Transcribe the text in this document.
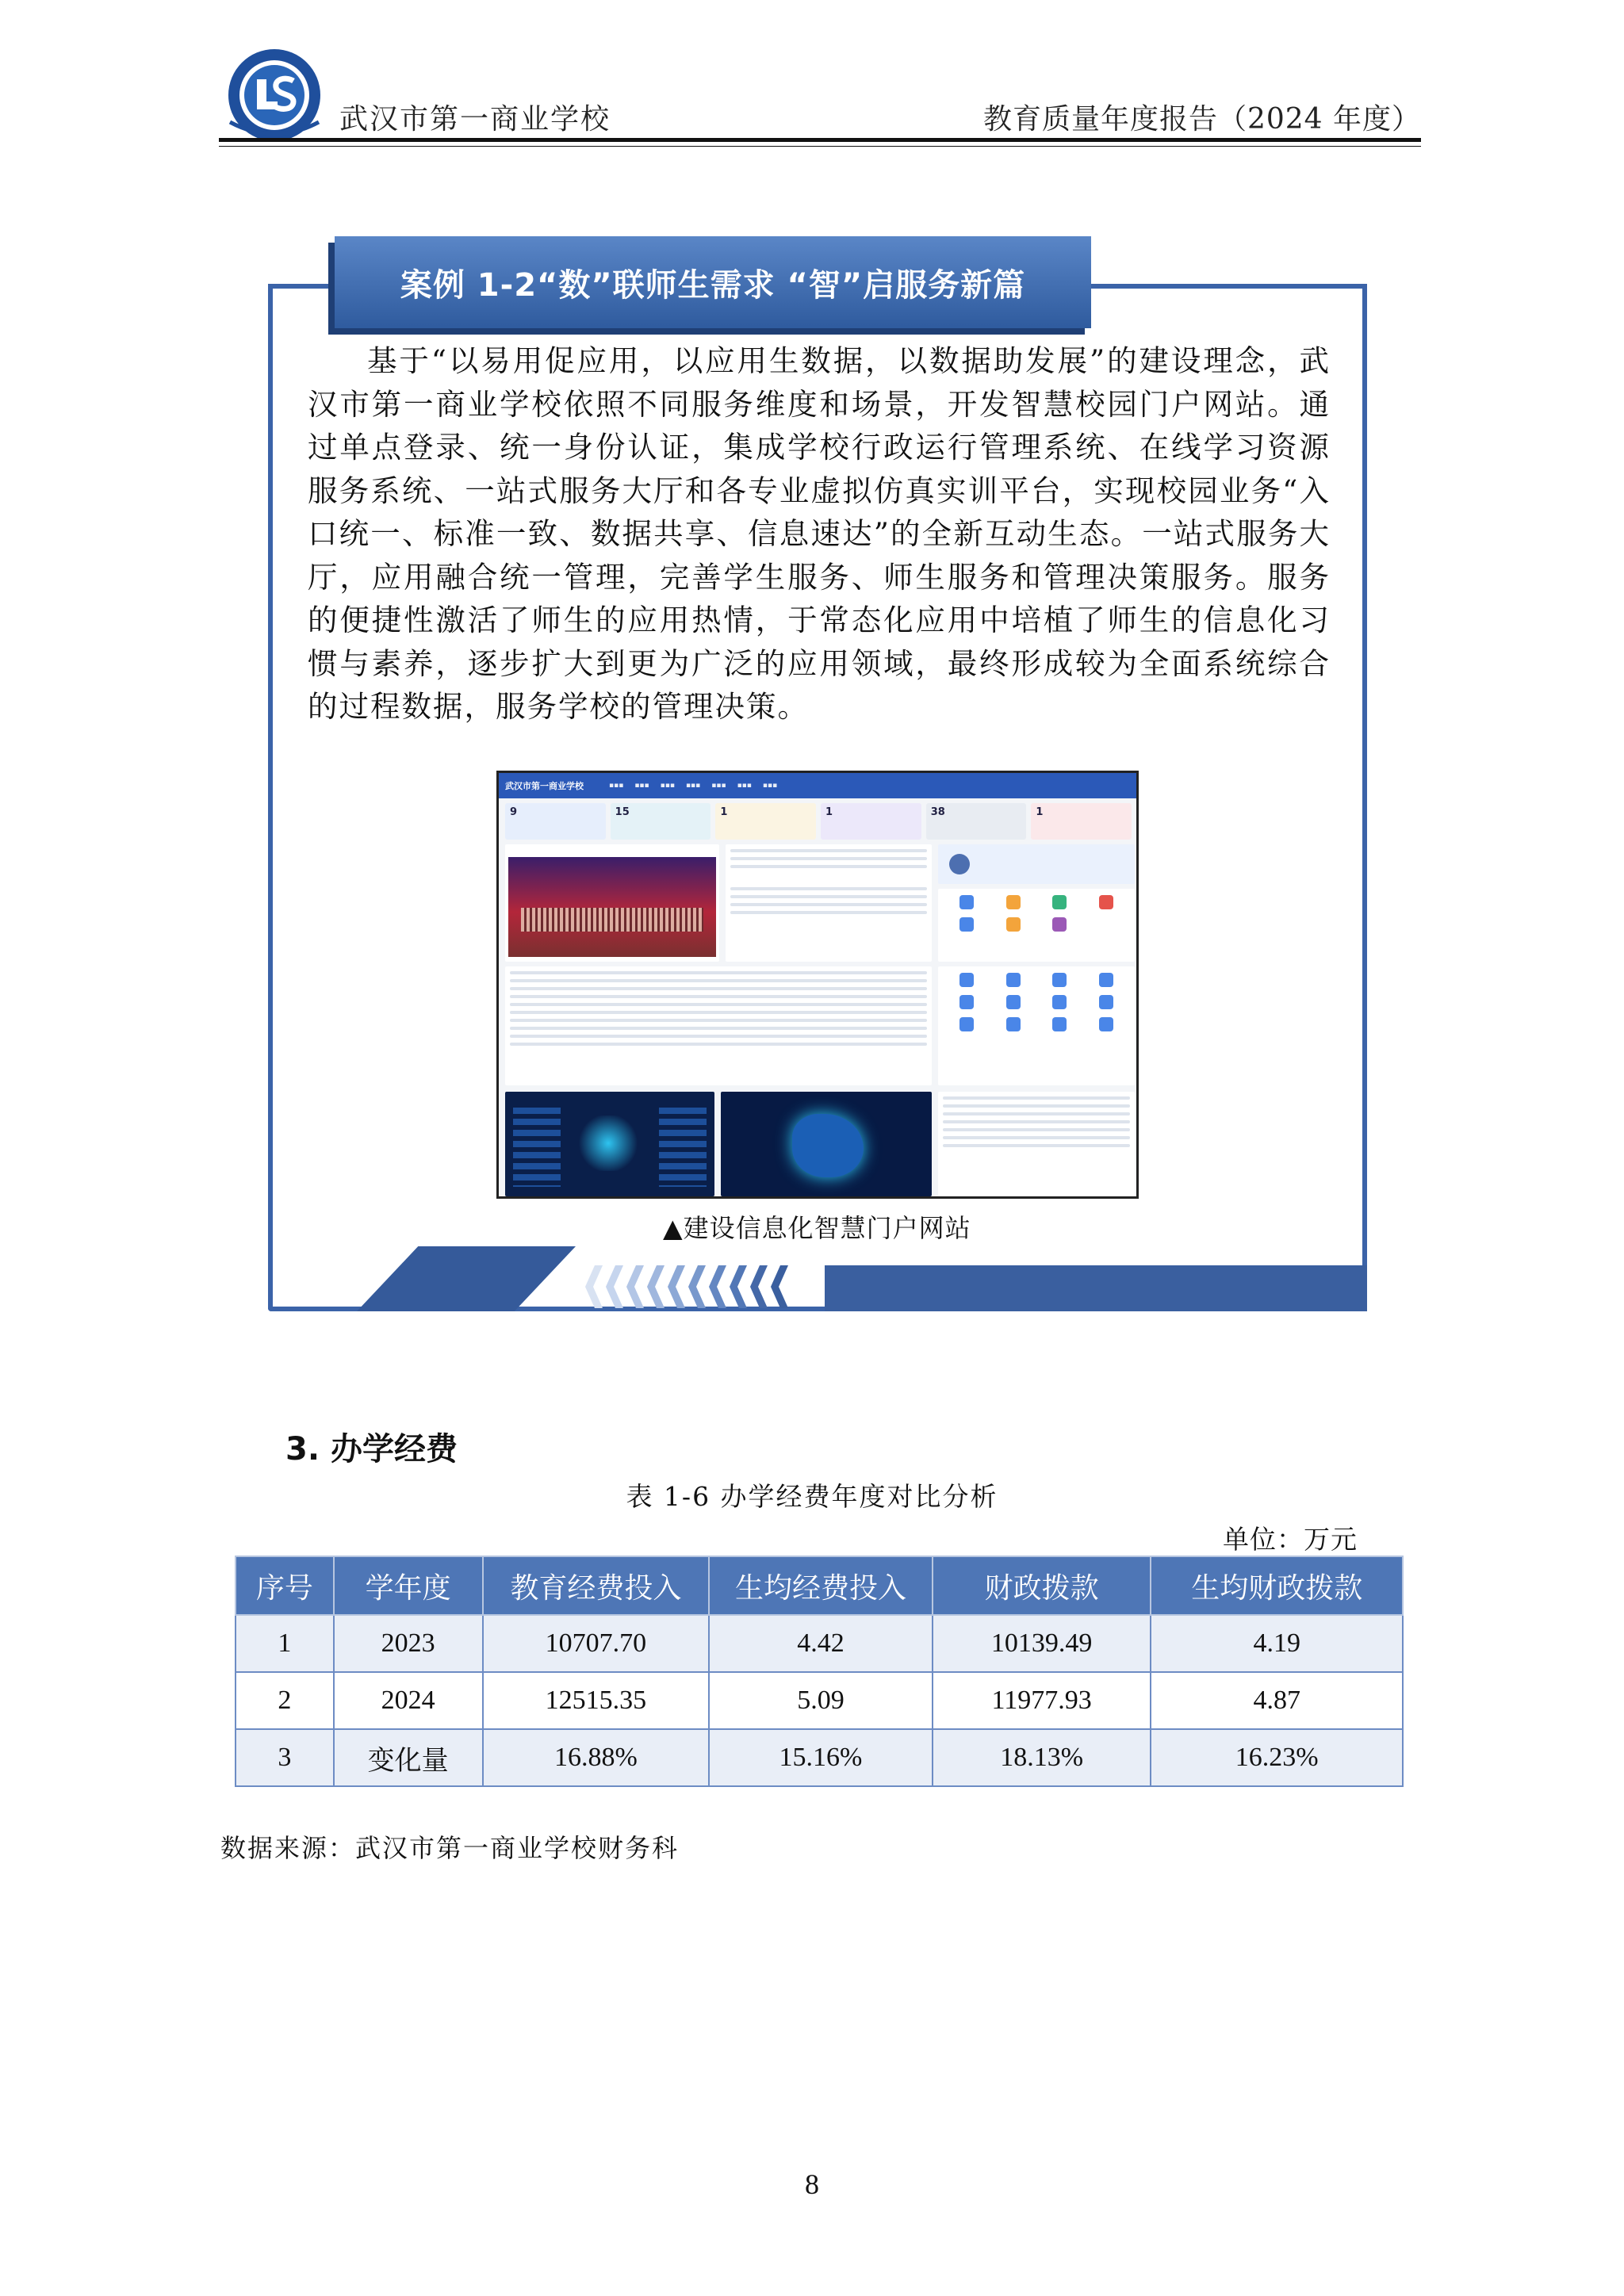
武汉市第一商业学校	教育质量年度报告（2024 年度）
案例 1-2“数”联师生需求 “智”启服务新篇

基于“以易用促应用，以应用生数据，以数据助发展”的建设理念，武汉市第一商业学校依照不同服务维度和场景，开发智慧校园门户网站。通过单点登录、统一身份认证，集成学校行政运行管理系统、在线学习资源服务系统、一站式服务大厅和各专业虚拟仿真实训平台，实现校园业务“入口统一、标准一致、数据共享、信息速达”的全新互动生态。一站式服务大厅，应用融合统一管理，完善学生服务、师生服务和管理决策服务。服务的便捷性激活了师生的应用热情，于常态化应用中培植了师生的信息化习惯与素养，逐步扩大到更为广泛的应用领域，最终形成较为全面系统综合的过程数据，服务学校的管理决策。

武汉市第一商业学校	▪▪▪ ▪▪▪ ▪▪▪ ▪▪▪ ▪▪▪ ▪▪▪ ▪▪▪
9	15	1	1	38	1
▲建设信息化智慧门户网站
3. 办学经费
表 1-6 办学经费年度对比分析
单位：万元
序号	学年度	教育经费投入	生均经费投入	财政拨款	生均财政拨款
1	2023	10707.70	4.42	10139.49	4.19
2	2024	12515.35	5.09	11977.93	4.87
3	变化量	16.88%	15.16%	18.13%	16.23%
数据来源：武汉市第一商业学校财务科
8
